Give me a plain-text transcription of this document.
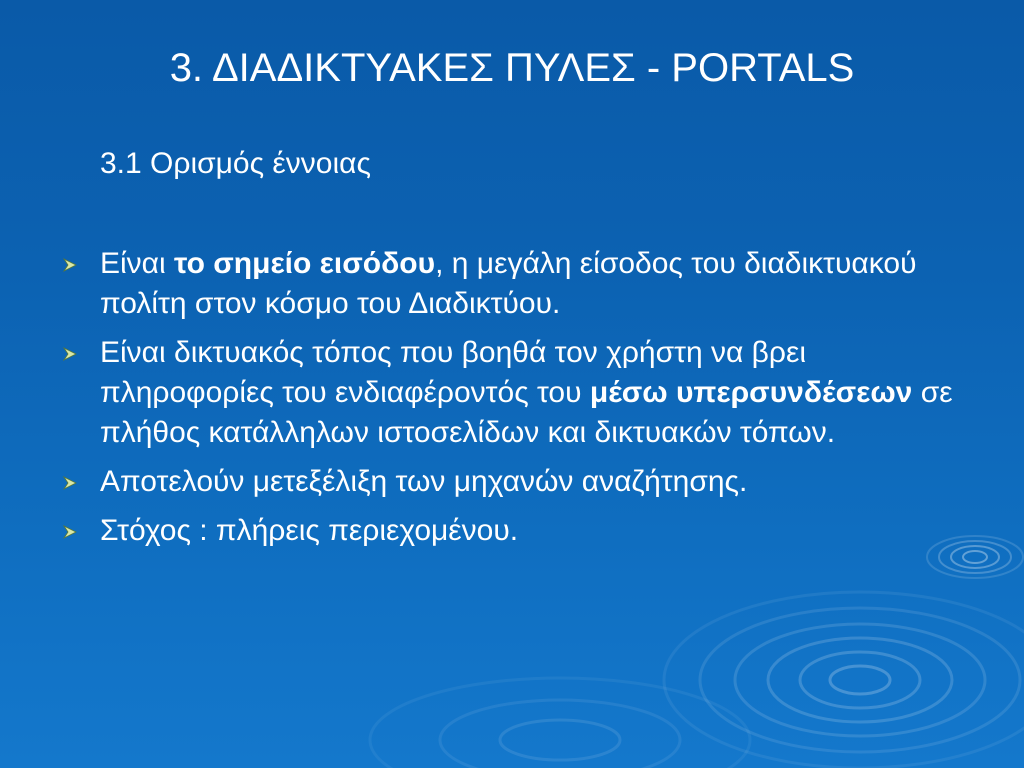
3. ΔΙΑΔΙΚΤΥΑΚΕΣ ΠΥΛΕΣ - PORTALS

3.1 Ορισμός έννοιας

Είναι το σημείο εισόδου, η μεγάλη είσοδος του διαδικτυακού πολίτη στον κόσμο του Διαδικτύου.
Είναι δικτυακός τόπος που βοηθά τον χρήστη να βρει πληροφορίες του ενδιαφέροντός του μέσω υπερσυνδέσεων σε πλήθος κατάλληλων ιστοσελίδων και δικτυακών τόπων.
Αποτελούν μετεξέλιξη των μηχανών αναζήτησης.
Στόχος : πλήρεις περιεχομένου.
